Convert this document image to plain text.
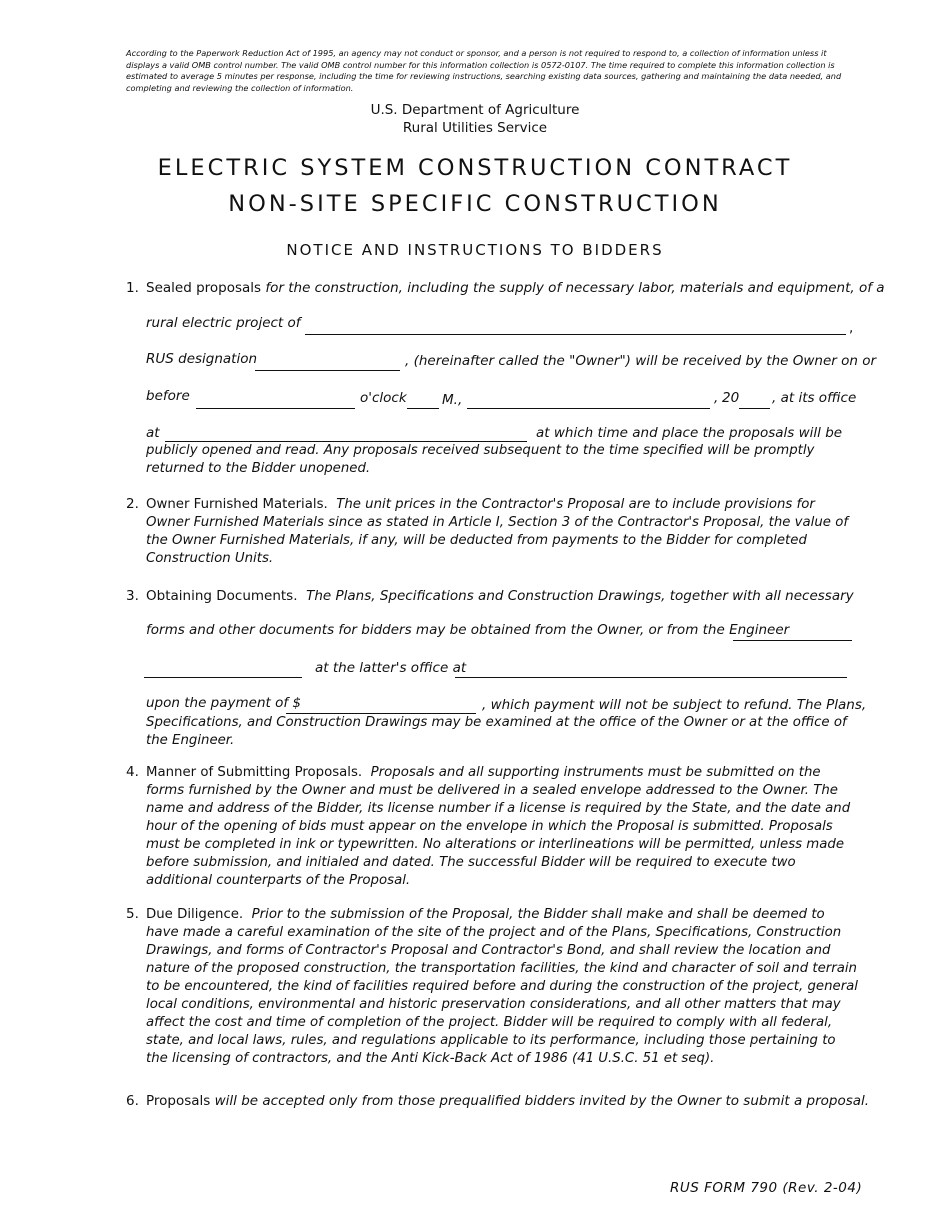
According to the Paperwork Reduction Act of 1995, an agency may not conduct or sponsor, and a person is not required to respond to, a collection of information unless it displays a valid OMB control number. The valid OMB control number for this information collection is 0572-0107. The time required to complete this information collection is estimated to average 5 minutes per response, including the time for reviewing instructions, searching existing data sources, gathering and maintaining the data needed, and completing and reviewing the collection of information.
U.S. Department of Agriculture
Rural Utilities Service
ELECTRIC SYSTEM CONSTRUCTION CONTRACT
NON-SITE SPECIFIC CONSTRUCTION
NOTICE AND INSTRUCTIONS TO BIDDERS
1. Sealed proposals for the construction, including the supply of necessary labor, materials and equipment, of a
rural electric project of	,
RUS designation	, (hereinafter called the "Owner") will be received by the Owner on or
before	o'clock	M.,	, 20 , at its office
at	at which time and place the proposals will be
publicly opened and read. Any proposals received subsequent to the time specified will be promptly returned to the Bidder unopened.
2. Owner Furnished Materials. The unit prices in the Contractor's Proposal are to include provisions for Owner Furnished Materials since as stated in Article I, Section 3 of the Contractor's Proposal, the value of the Owner Furnished Materials, if any, will be deducted from payments to the Bidder for completed Construction Units.
3. Obtaining Documents. The Plans, Specifications and Construction Drawings, together with all necessary
forms and other documents for bidders may be obtained from the Owner, or from the Engineer
at the latter's office at
upon the payment of $	, which payment will not be subject to refund. The Plans,
Specifications, and Construction Drawings may be examined at the office of the Owner or at the office of the Engineer.
4. Manner of Submitting Proposals. Proposals and all supporting instruments must be submitted on the forms furnished by the Owner and must be delivered in a sealed envelope addressed to the Owner. The name and address of the Bidder, its license number if a license is required by the State, and the date and hour of the opening of bids must appear on the envelope in which the Proposal is submitted. Proposals must be completed in ink or typewritten. No alterations or interlineations will be permitted, unless made before submission, and initialed and dated. The successful Bidder will be required to execute two additional counterparts of the Proposal.
5. Due Diligence. Prior to the submission of the Proposal, the Bidder shall make and shall be deemed to have made a careful examination of the site of the project and of the Plans, Specifications, Construction Drawings, and forms of Contractor's Proposal and Contractor's Bond, and shall review the location and nature of the proposed construction, the transportation facilities, the kind and character of soil and terrain to be encountered, the kind of facilities required before and during the construction of the project, general local conditions, environmental and historic preservation considerations, and all other matters that may affect the cost and time of completion of the project. Bidder will be required to comply with all federal, state, and local laws, rules, and regulations applicable to its performance, including those pertaining to the licensing of contractors, and the Anti Kick-Back Act of 1986 (41 U.S.C. 51 et seq).
6. Proposals will be accepted only from those prequalified bidders invited by the Owner to submit a proposal.
RUS FORM 790 (Rev. 2-04)
